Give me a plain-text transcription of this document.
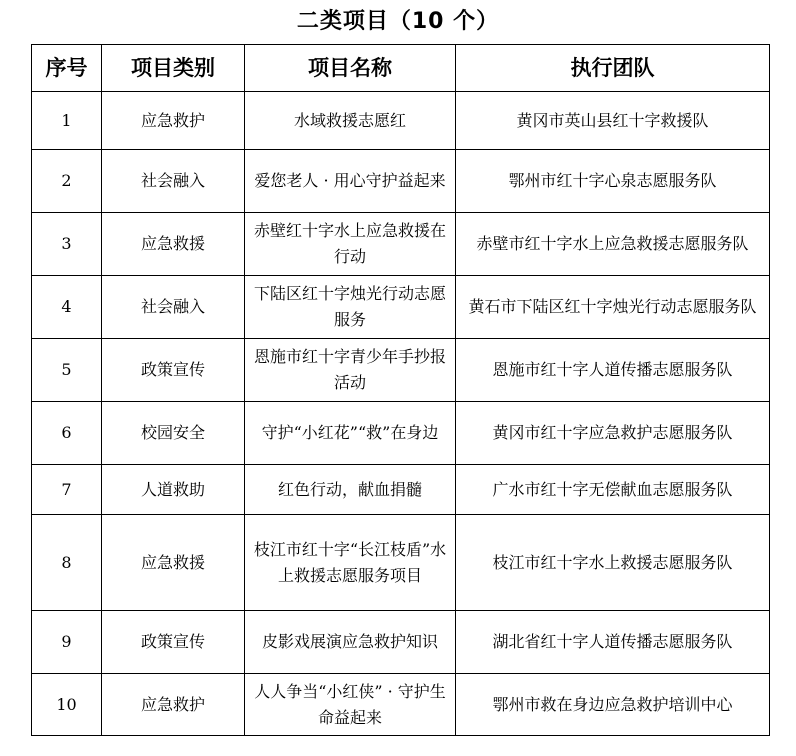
二类项目（10 个）
序号	项目类别	项目名称	执行团队
1	应急救护	水域救援志愿红	黄冈市英山县红十字救援队
2	社会融入	爱您老人 · 用心守护益起来	鄂州市红十字心泉志愿服务队
3	应急救援	赤壁红十字水上应急救援在行动	赤壁市红十字水上应急救援志愿服务队
4	社会融入	下陆区红十字烛光行动志愿服务	黄石市下陆区红十字烛光行动志愿服务队
5	政策宣传	恩施市红十字青少年手抄报活动	恩施市红十字人道传播志愿服务队
6	校园安全	守护“小红花”“救”在身边	黄冈市红十字应急救护志愿服务队
7	人道救助	红色行动，献血捐髓	广水市红十字无偿献血志愿服务队
8	应急救援	枝江市红十字“长江枝盾”水上救援志愿服务项目	枝江市红十字水上救援志愿服务队
9	政策宣传	皮影戏展演应急救护知识	湖北省红十字人道传播志愿服务队
10	应急救护	人人争当“小红侠” · 守护生命益起来	鄂州市救在身边应急救护培训中心
